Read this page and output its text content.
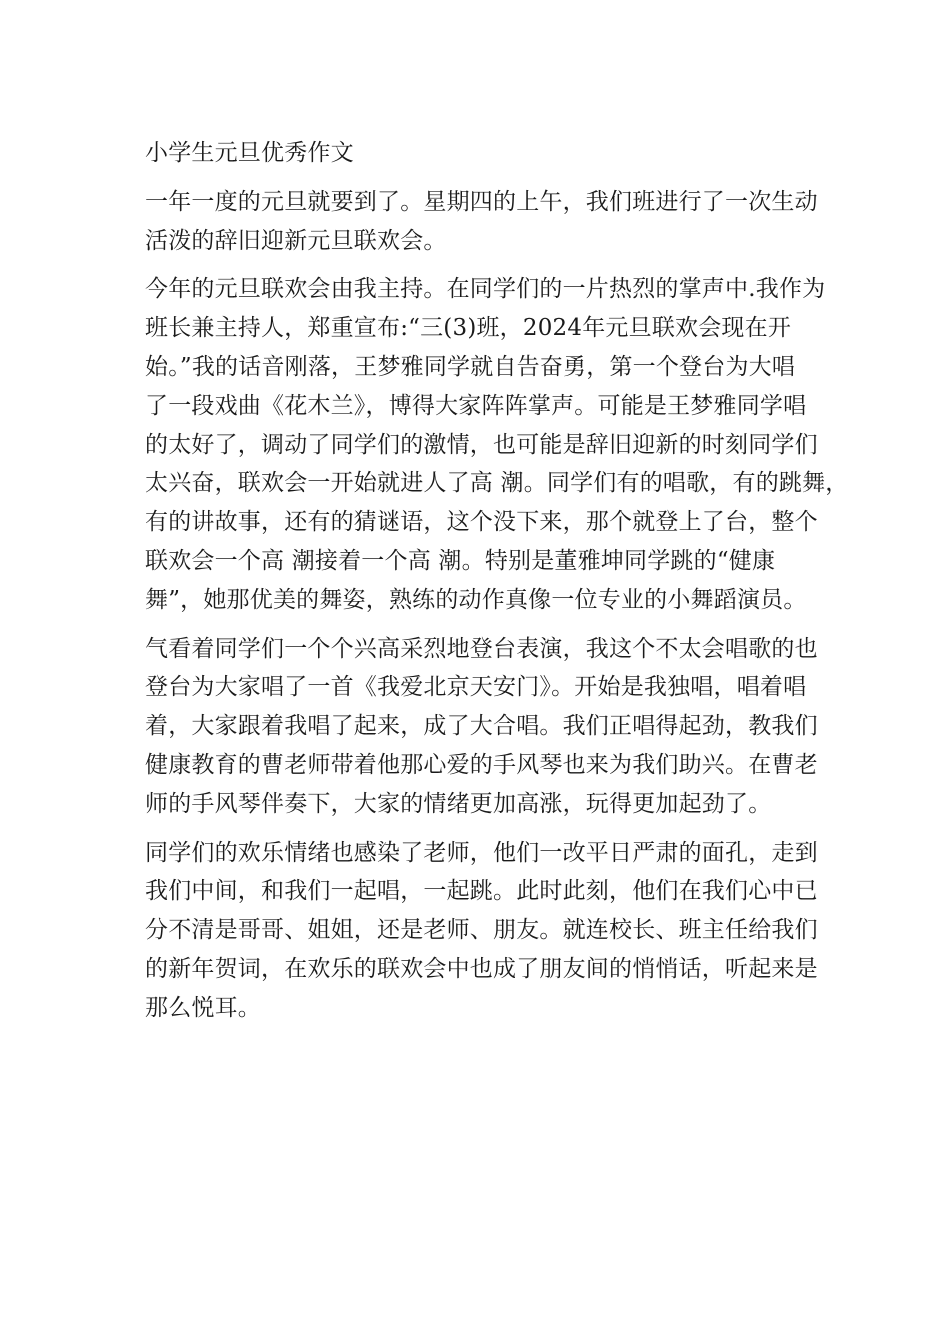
小学生元旦优秀作文
一年一度的元旦就要到了。星期四的上午，我们班进行了一次生动
活泼的辞旧迎新元旦联欢会。
今年的元旦联欢会由我主持。在同学们的一片热烈的掌声中.我作为
班长兼主持人，郑重宣布:“三(3)班，2024年元旦联欢会现在开
始。”我的话音刚落，王梦雅同学就自告奋勇，第一个登台为大唱
了一段戏曲《花木兰》，博得大家阵阵掌声。可能是王梦雅同学唱
的太好了，调动了同学们的激情，也可能是辞旧迎新的时刻同学们
太兴奋，联欢会一开始就进人了高 潮。同学们有的唱歌，有的跳舞，
有的讲故事，还有的猜谜语，这个没下来，那个就登上了台，整个
联欢会一个高 潮接着一个高 潮。特别是董雅坤同学跳的“健康
舞”，她那优美的舞姿，熟练的动作真像一位专业的小舞蹈演员。
气看着同学们一个个兴高采烈地登台表演，我这个不太会唱歌的也
登台为大家唱了一首《我爱北京天安门》。开始是我独唱，唱着唱
着，大家跟着我唱了起来，成了大合唱。我们正唱得起劲，教我们
健康教育的曹老师带着他那心爱的手风琴也来为我们助兴。在曹老
师的手风琴伴奏下，大家的情绪更加高涨，玩得更加起劲了。
同学们的欢乐情绪也感染了老师，他们一改平日严肃的面孔，走到
我们中间，和我们一起唱，一起跳。此时此刻，他们在我们心中已
分不清是哥哥、姐姐，还是老师、朋友。就连校长、班主任给我们
的新年贺词，在欢乐的联欢会中也成了朋友间的悄悄话，听起来是
那么悦耳。
